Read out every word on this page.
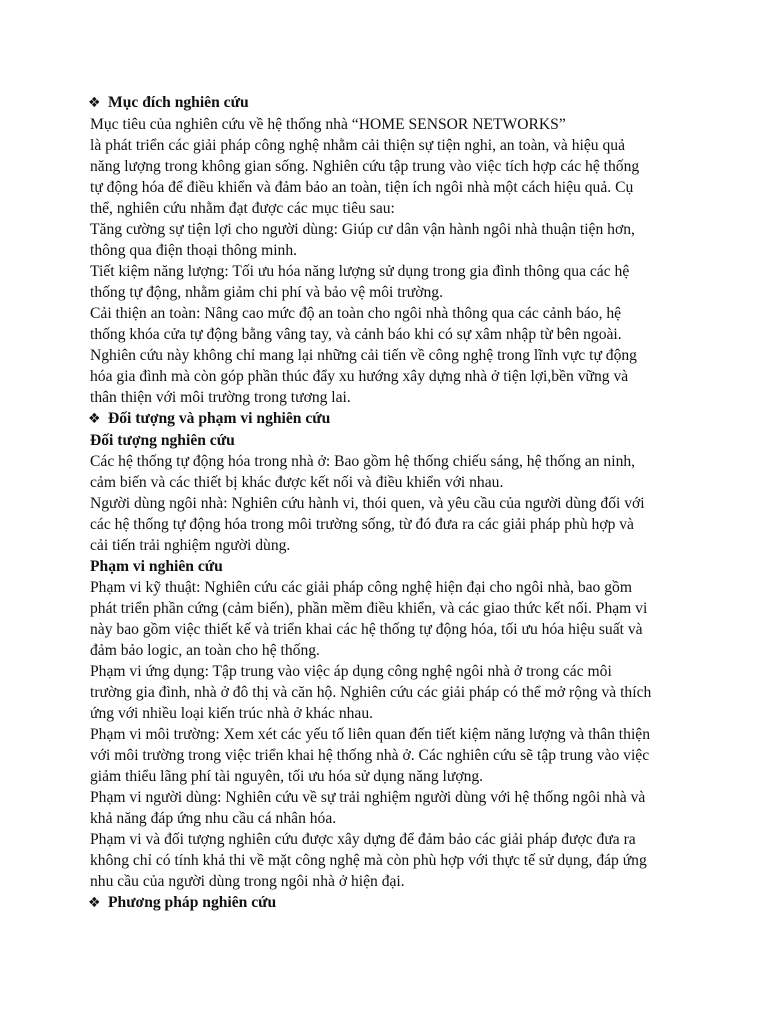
❖ Mục đích nghiên cứu
Mục tiêu của nghiên cứu về hệ thống nhà “HOME SENSOR NETWORKS”
là phát triển các giải pháp công nghệ nhằm cải thiện sự tiện nghi, an toàn, và hiệu quả
năng lượng trong không gian sống. Nghiên cứu tập trung vào việc tích hợp các hệ thống
tự động hóa để điều khiển và đảm bảo an toàn, tiện ích ngôi nhà một cách hiệu quả. Cụ
thể, nghiên cứu nhằm đạt được các mục tiêu sau:
Tăng cường sự tiện lợi cho người dùng: Giúp cư dân vận hành ngôi nhà thuận tiện hơn,
thông qua điện thoại thông minh.
Tiết kiệm năng lượng: Tối ưu hóa năng lượng sử dụng trong gia đình thông qua các hệ
thống tự động, nhằm giảm chi phí và bảo vệ môi trường.
Cải thiện an toàn: Nâng cao mức độ an toàn cho ngôi nhà thông qua các cảnh báo, hệ
thống khóa cửa tự động bằng vâng tay, và cảnh báo khi có sự xâm nhập từ bên ngoài.
Nghiên cứu này không chỉ mang lại những cải tiến về công nghệ trong lĩnh vực tự động
hóa gia đình mà còn góp phần thúc đẩy xu hướng xây dựng nhà ở tiện lợi,bền vững và
thân thiện với môi trường trong tương lai.
❖ Đối tượng và phạm vi nghiên cứu
Đối tượng nghiên cứu
Các hệ thống tự động hóa trong nhà ở: Bao gồm hệ thống chiếu sáng, hệ thống an ninh,
cảm biến và các thiết bị khác được kết nối và điều khiển với nhau.
Người dùng ngôi nhà: Nghiên cứu hành vi, thói quen, và yêu cầu của người dùng đối với
các hệ thống tự động hóa trong môi trường sống, từ đó đưa ra các giải pháp phù hợp và
cải tiến trải nghiệm người dùng.
Phạm vi nghiên cứu
Phạm vi kỹ thuật: Nghiên cứu các giải pháp công nghệ hiện đại cho ngôi nhà, bao gồm
phát triển phần cứng (cảm biến), phần mềm điều khiển, và các giao thức kết nối. Phạm vi
này bao gồm việc thiết kế và triển khai các hệ thống tự động hóa, tối ưu hóa hiệu suất và
đảm bảo logic, an toàn cho hệ thống.
Phạm vi ứng dụng: Tập trung vào việc áp dụng công nghệ ngôi nhà ở trong các môi
trường gia đình, nhà ở đô thị và căn hộ. Nghiên cứu các giải pháp có thể mở rộng và thích
ứng với nhiều loại kiến trúc nhà ở khác nhau.
Phạm vi môi trường: Xem xét các yếu tố liên quan đến tiết kiệm năng lượng và thân thiện
với môi trường trong việc triển khai hệ thống nhà ở. Các nghiên cứu sẽ tập trung vào việc
giảm thiểu lãng phí tài nguyên, tối ưu hóa sử dụng năng lượng.
Phạm vi người dùng: Nghiên cứu về sự trải nghiệm người dùng với hệ thống ngôi nhà và
khả năng đáp ứng nhu cầu cá nhân hóa.
Phạm vi và đối tượng nghiên cứu được xây dựng để đảm bảo các giải pháp được đưa ra
không chỉ có tính khả thi về mặt công nghệ mà còn phù hợp với thực tế sử dụng, đáp ứng
nhu cầu của người dùng trong ngôi nhà ở hiện đại.
❖ Phương pháp nghiên cứu
